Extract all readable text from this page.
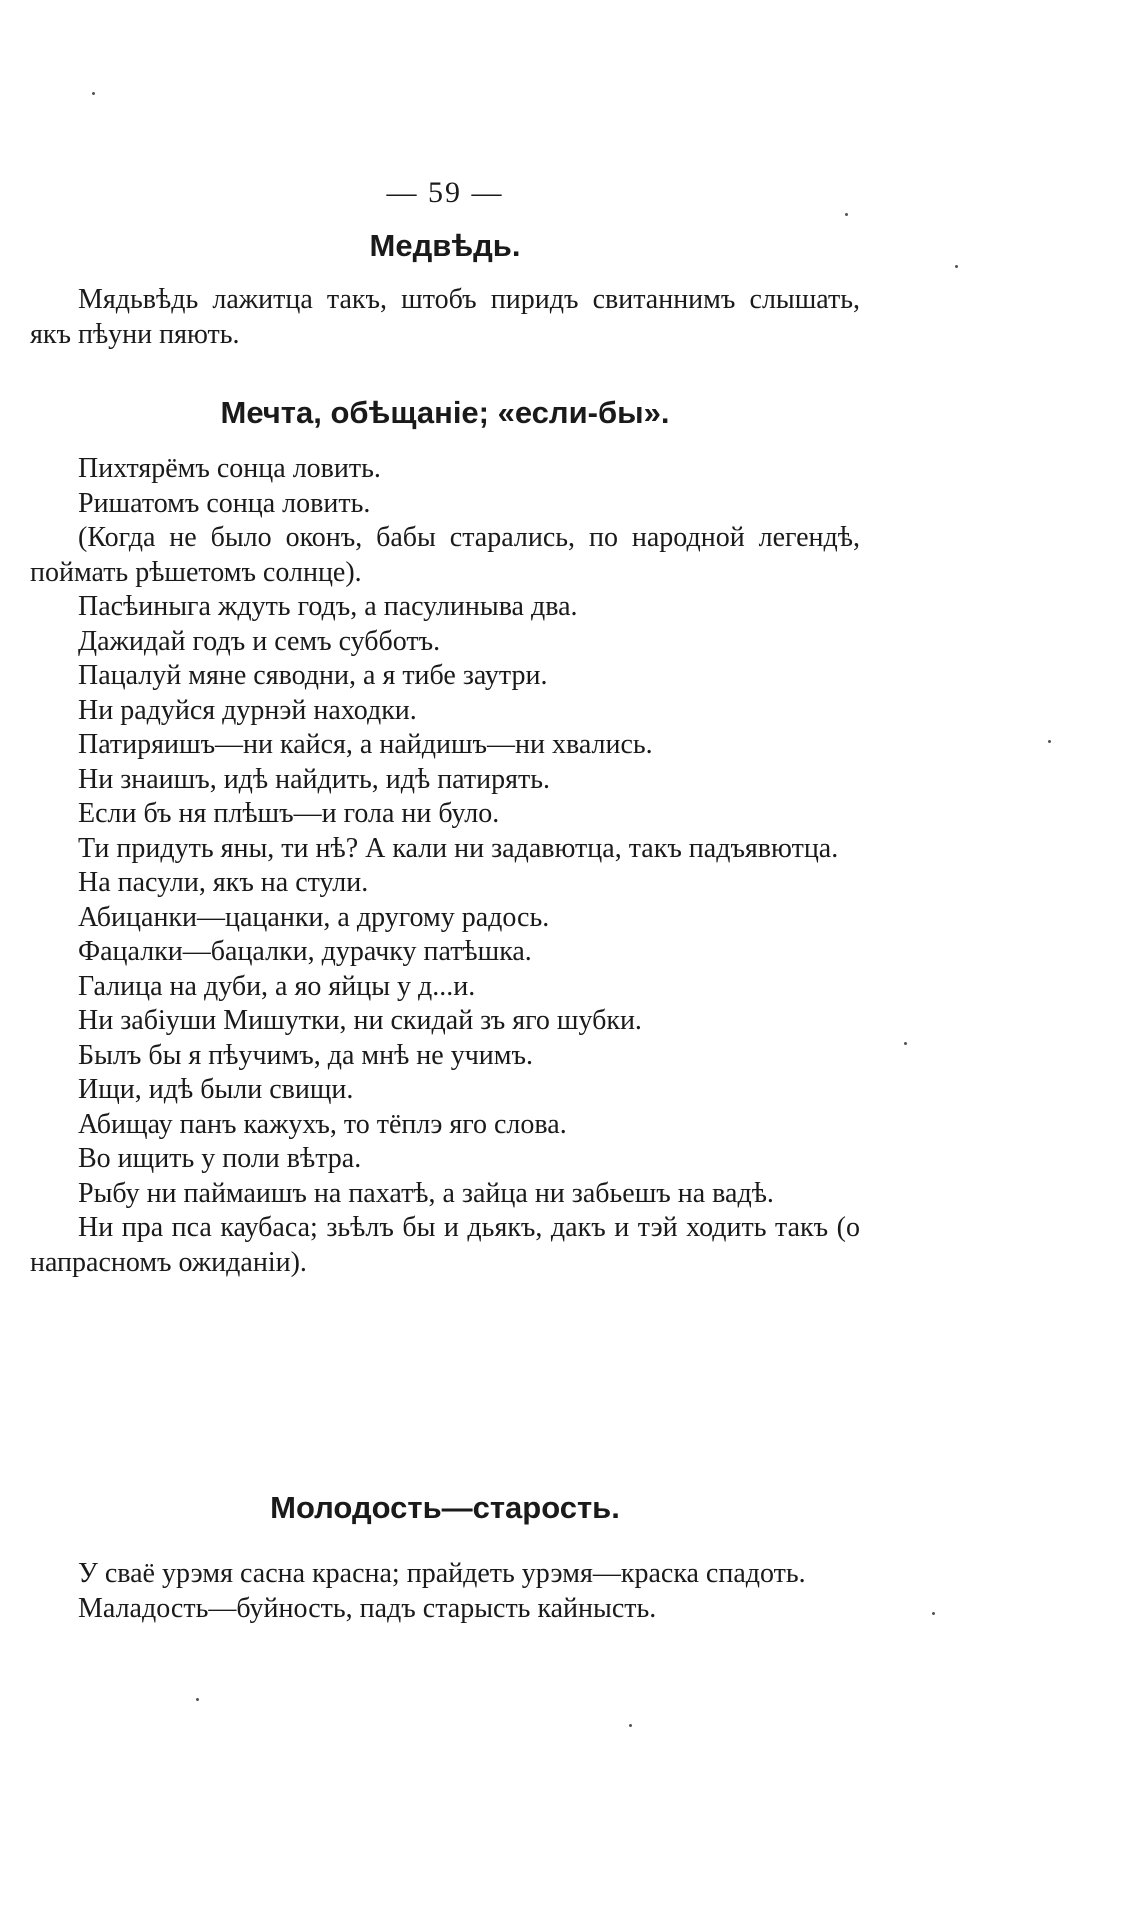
— 59 —
Медвѣдь.

Мядьвѣдь лажитца такъ, штобъ пиридъ свитаннимъ слышать, якъ пѣуни пяють.

Мечта, обѣщаніе; «если-бы».

Пихтярёмъ сонца ловить.

Ришатомъ сонца ловить.

(Когда не было оконъ, бабы старались, по народной легендѣ, поймать рѣшетомъ солнце).

Пасѣиныга ждуть годъ, а пасулиныва два.

Дажидай годъ и семъ субботъ.

Пацалуй мяне сяводни, а я тибе заутри.

Ни радуйся дурнэй находки.

Патиряишъ—ни кайся, а найдишъ—ни хвались.

Ни знаишъ, идѣ найдить, идѣ патирять.

Если бъ ня плѣшъ—и гола ни було.

Ти придуть яны, ти нѣ? А кали ни задавютца, такъ падъявютца.

На пасули, якъ на стули.

Абицанки—цацанки, а другому радось.

Фацалки—бацалки, дурачку патѣшка.

Галица на дуби, а яо яйцы у д...и.

Ни забіуши Мишутки, ни скидай зъ яго шубки.

Былъ бы я пѣучимъ, да мнѣ не учимъ.

Ищи, идѣ были свищи.

Абищау панъ кажухъ, то тёплэ яго слова.

Во ищить у поли вѣтра.

Рыбу ни паймаишъ на пахатѣ, а зайца ни забьешъ на вадѣ.

Ни пра пса каубаса; зьѣлъ бы и дьякъ, дакъ и тэй ходить такъ (о напрасномъ ожиданіи).

Молодость—старость.

У сваё урэмя сасна красна; прайдеть урэмя—краска спадоть.

Маладость—буйность, падъ старысть кайнысть.
